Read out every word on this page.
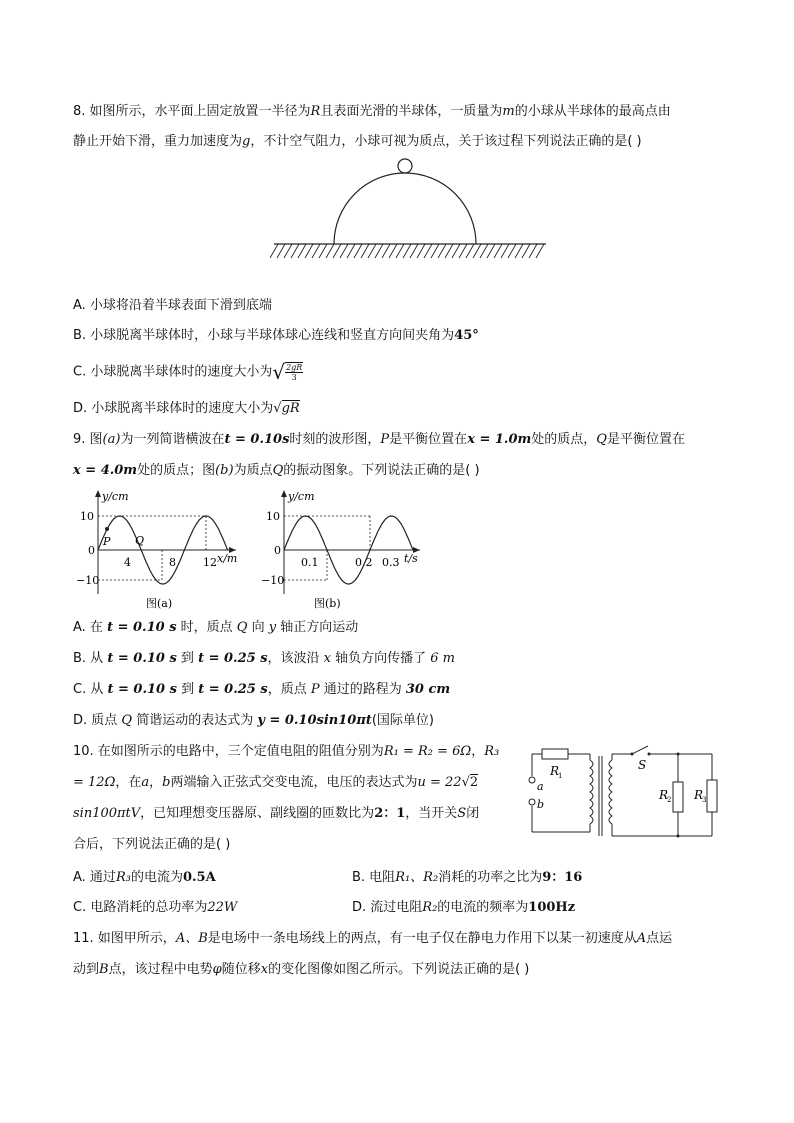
8. 如图所示，水平面上固定放置一半径为R且表面光滑的半球体，一质量为m的小球从半球体的最高点由
静止开始下滑，重力加速度为g，不计空气阻力，小球可视为质点，关于该过程下列说法正确的是( )
A. 小球将沿着半球表面下滑到底端
B. 小球脱离半球体时，小球与半球体球心连线和竖直方向间夹角为45°
C. 小球脱离半球体时的速度大小为√ $\frac{2gR}{3}$
D. 小球脱离半球体时的速度大小为√gR
9. 图(a)为一列简谐横波在t = 0.10s时刻的波形图，P是平衡位置在x = 1.0m处的质点，Q是平衡位置在
x = 4.0m处的质点；图(b)为质点Q的振动图象。下列说法正确的是( )
y/cm
x/m
10
−10
0
4	8 12
P Q
图(a)
y/cm
t/s
10
−10
0
0.1	0.2 0.3
图(b)
A. 在 t = 0.10 s 时，质点 Q 向 y 轴正方向运动
B. 从 t = 0.10 s 到 t = 0.25 s，该波沿 x 轴负方向传播了 6 m
C. 从 t = 0.10 s 到 t = 0.25 s，质点 P 通过的路程为 30 cm
D. 质点 Q 简谐运动的表达式为 y = 0.10sin10πt(国际单位)
10. 在如图所示的电路中，三个定值电阻的阻值分别为R₁ = R₂ = 6Ω，R₃
= 12Ω，在a，b两端输入正弦式交变电流，电压的表达式为u = 22√2
sin100πtV，已知理想变压器原、副线圈的匝数比为2：1，当开关S闭
合后，下列说法正确的是( )
a
b
R
1
S
R
2 R
3
A. 通过R₃的电流为0.5A	B. 电阻R₁、R₂消耗的功率之比为9：16
C. 电路消耗的总功率为22W	D. 流过电阻R₂的电流的频率为100Hz
11. 如图甲所示，A、B是电场中一条电场线上的两点，有一电子仅在静电力作用下以某一初速度从A点运
动到B点，该过程中电势φ随位移x的变化图像如图乙所示。下列说法正确的是( )
